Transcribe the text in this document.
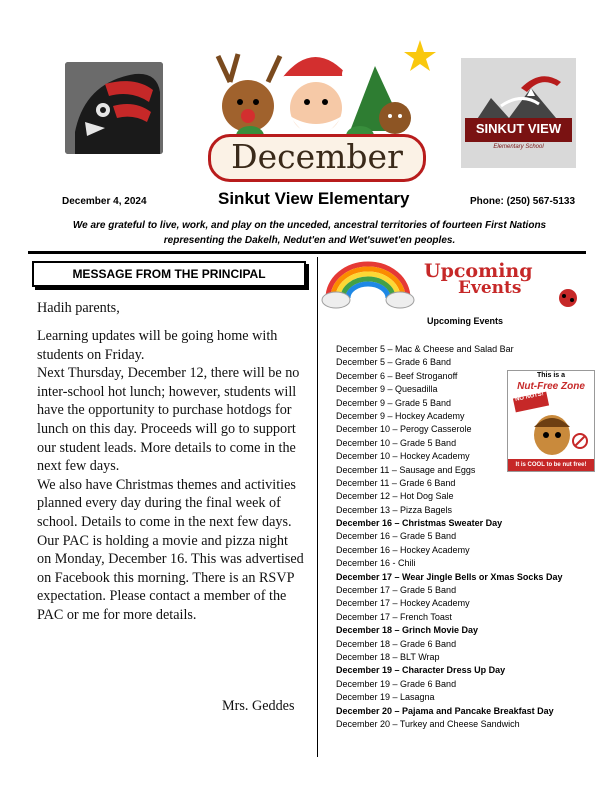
December
SINKUT VIEW
Elementary School
December 4, 2024	Sinkut View Elementary	Phone: (250) 567-5133
We are grateful to live, work, and play on the unceded, ancestral territories of fourteen First Nations representing the Dakelh, Nedut'en and Wet'suwet'en peoples.
MESSAGE FROM THE PRINCIPAL
Hadih parents,

Learning updates will be going home with students on Friday.

Next Thursday, December 12, there will be no inter-school hot lunch; however, students will have the opportunity to purchase hotdogs for lunch on this day. Proceeds will go to support our student leads. More details to come in the next few days.

We also have Christmas themes and activities planned every day during the final week of school. Details to come in the next few days.

Our PAC is holding a movie and pizza night on Monday, December 16. This was advertised on Facebook this morning. There is an RSVP expectation. Please contact a member of the PAC or me for more details.

Mrs. Geddes
Upcoming
Events
Upcoming Events
December 5 – Mac & Cheese and Salad Bar
December 5 – Grade 6 Band
December 6 – Beef Stroganoff
December 9 – Quesadilla
December 9 – Grade 5 Band
December 9 – Hockey Academy
December 10 – Perogy Casserole
December 10 – Grade 5 Band
December 10 – Hockey Academy
December 11 – Sausage and Eggs
December 11 – Grade 6 Band
December 12 – Hot Dog Sale
December 13 – Pizza Bagels
December 16 – Christmas Sweater Day
December 16 – Grade 5 Band
December 16 – Hockey Academy
December 16 - Chili
December 17 – Wear Jingle Bells or Xmas Socks Day
December 17 – Grade 5 Band
December 17 – Hockey Academy
December 17 – French Toast
December 18 – Grinch Movie Day
December 18 – Grade 6 Band
December 18 – BLT Wrap
December 19 – Character Dress Up Day
December 19 – Grade 6 Band
December 19 – Lasagna
December 20 – Pajama and Pancake Breakfast Day
December 20 – Turkey and Cheese Sandwich
This is a
Nut-Free Zone
NO NUTS!
It is COOL to be nut free!
